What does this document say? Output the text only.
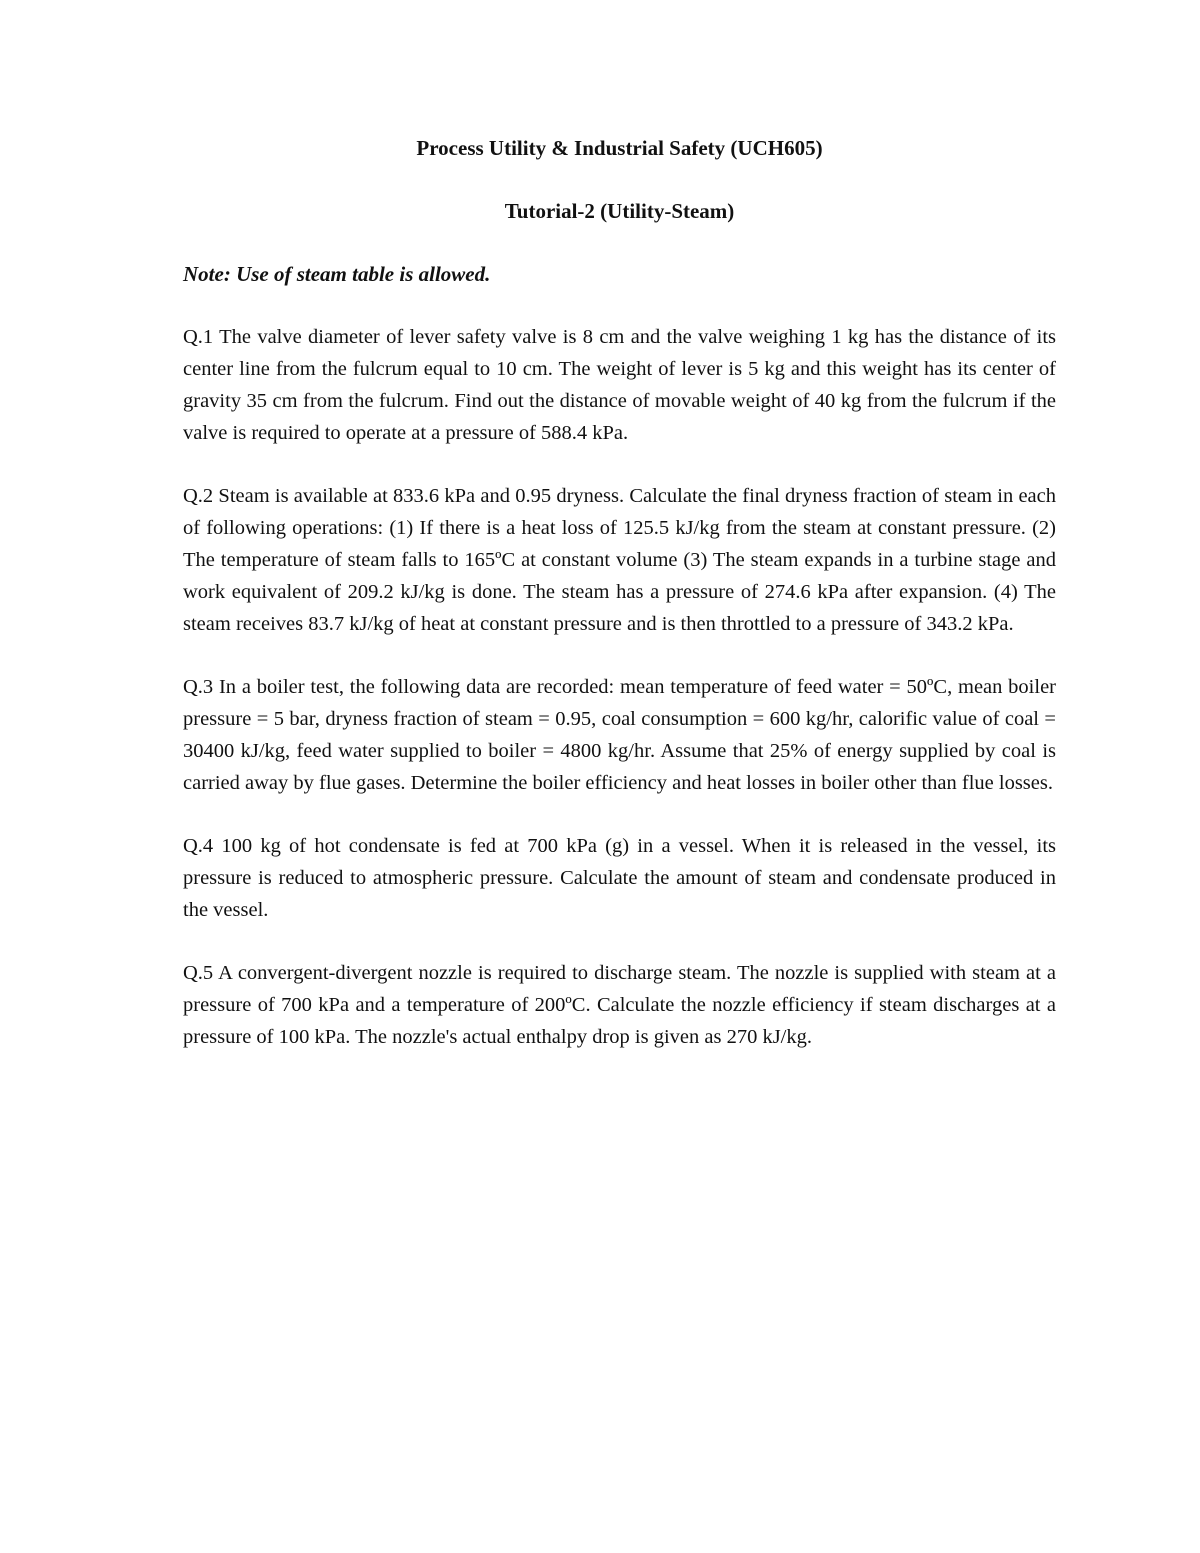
Process Utility & Industrial Safety (UCH605)

Tutorial-2 (Utility-Steam)

Note: Use of steam table is allowed.

Q.1 The valve diameter of lever safety valve is 8 cm and the valve weighing 1 kg has the distance of its center line from the fulcrum equal to 10 cm. The weight of lever is 5 kg and this weight has its center of gravity 35 cm from the fulcrum. Find out the distance of movable weight of 40 kg from the fulcrum if the valve is required to operate at a pressure of 588.4 kPa.

Q.2 Steam is available at 833.6 kPa and 0.95 dryness. Calculate the final dryness fraction of steam in each of following operations: (1) If there is a heat loss of 125.5 kJ/kg from the steam at constant pressure. (2) The temperature of steam falls to 165ºC at constant volume (3) The steam expands in a turbine stage and work equivalent of 209.2 kJ/kg is done. The steam has a pressure of 274.6 kPa after expansion. (4) The steam receives 83.7 kJ/kg of heat at constant pressure and is then throttled to a pressure of 343.2 kPa.

Q.3 In a boiler test, the following data are recorded: mean temperature of feed water = 50ºC, mean boiler pressure = 5 bar, dryness fraction of steam = 0.95, coal consumption = 600 kg/hr, calorific value of coal = 30400 kJ/kg, feed water supplied to boiler = 4800 kg/hr. Assume that 25% of energy supplied by coal is carried away by flue gases. Determine the boiler efficiency and heat losses in boiler other than flue losses.

Q.4 100 kg of hot condensate is fed at 700 kPa (g) in a vessel. When it is released in the vessel, its pressure is reduced to atmospheric pressure. Calculate the amount of steam and condensate produced in the vessel.

Q.5 A convergent-divergent nozzle is required to discharge steam. The nozzle is supplied with steam at a pressure of 700 kPa and a temperature of 200ºC. Calculate the nozzle efficiency if steam discharges at a pressure of 100 kPa. The nozzle's actual enthalpy drop is given as 270 kJ/kg.
